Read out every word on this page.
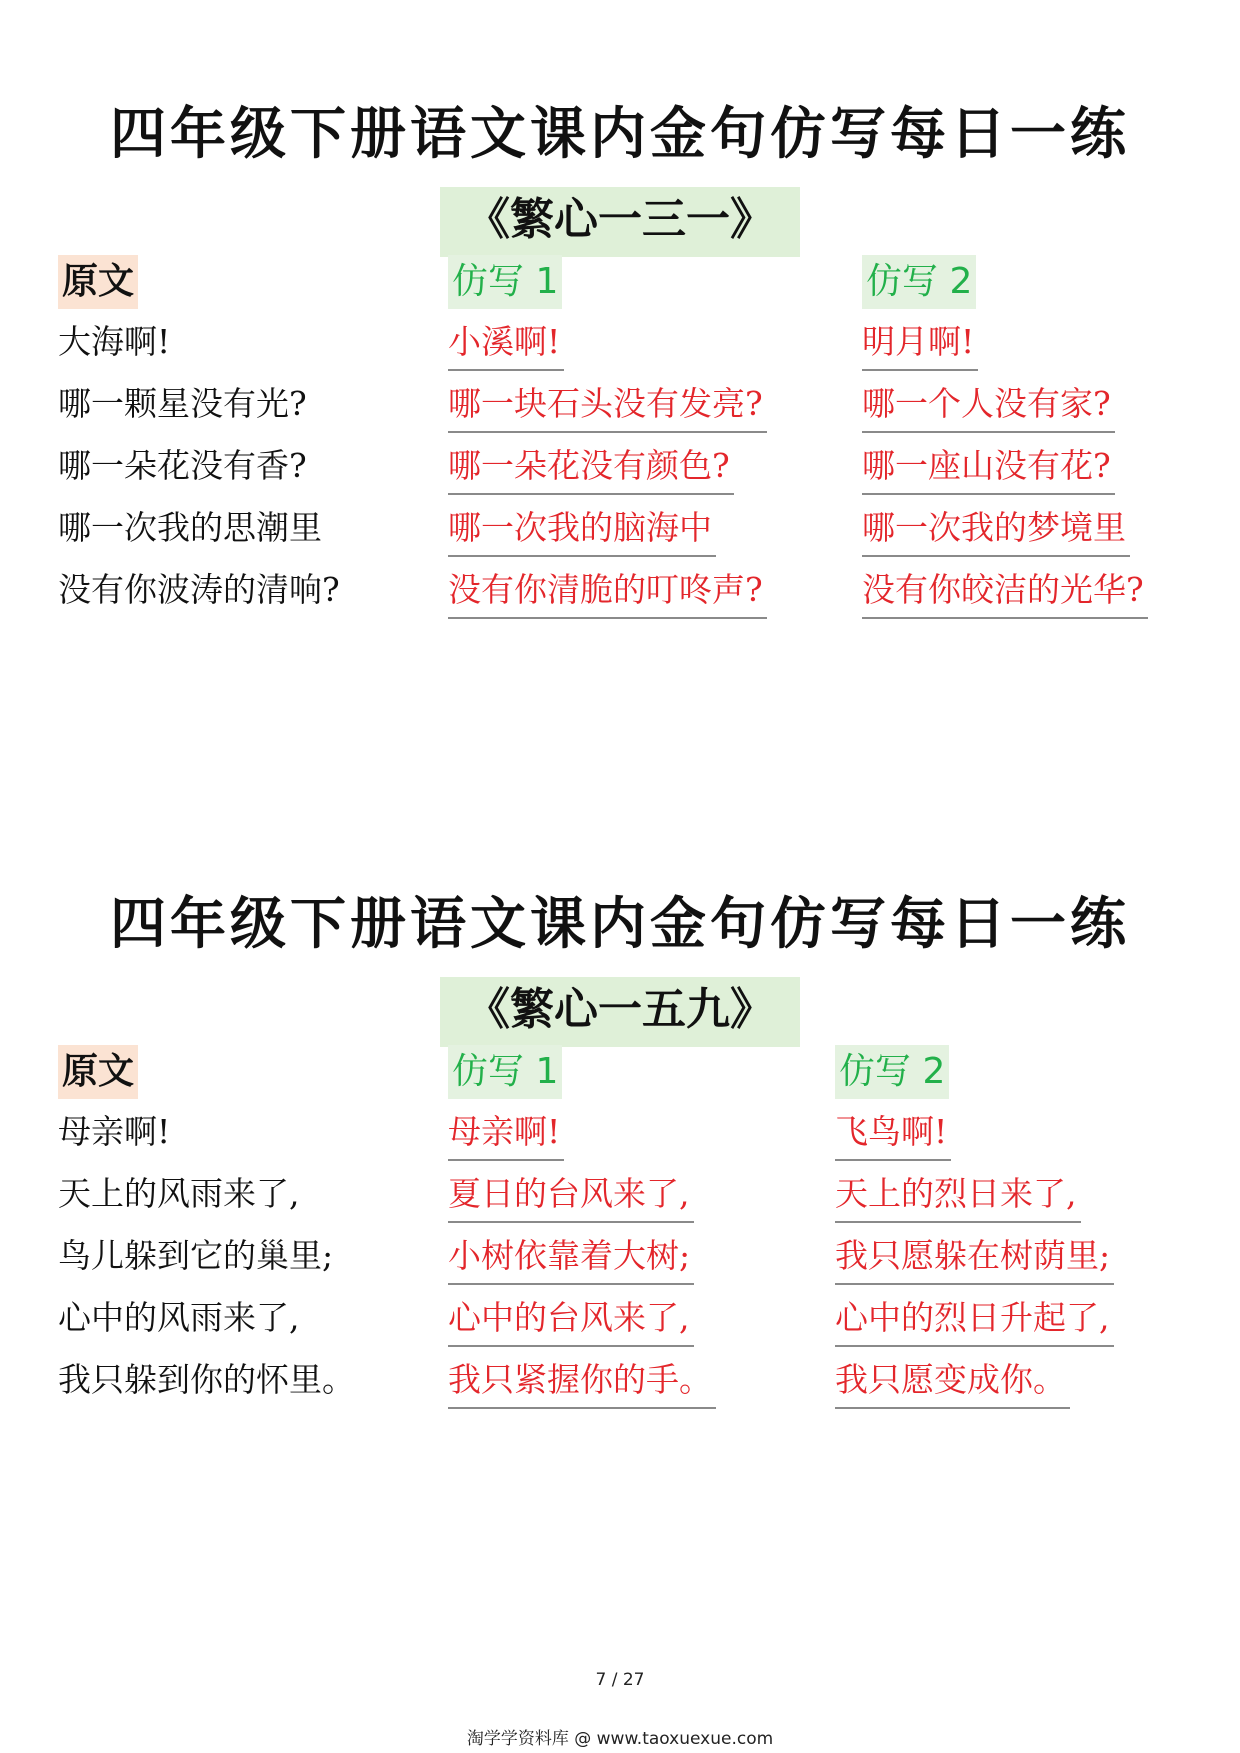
四年级下册语文课内金句仿写每日一练
《繁心一三一》
原文
大海啊!
哪一颗星没有光?
哪一朵花没有香?
哪一次我的思潮里
没有你波涛的清响?
仿写 1
小溪啊!
哪一块石头没有发亮?
哪一朵花没有颜色?
哪一次我的脑海中
没有你清脆的叮咚声?
仿写 2
明月啊!
哪一个人没有家?
哪一座山没有花?
哪一次我的梦境里
没有你皎洁的光华?
四年级下册语文课内金句仿写每日一练
《繁心一五九》
原文
母亲啊!
天上的风雨来了,
鸟儿躲到它的巢里;
心中的风雨来了,
我只躲到你的怀里。
仿写 1
母亲啊!
夏日的台风来了,
小树依靠着大树;
心中的台风来了,
我只紧握你的手。
仿写 2
飞鸟啊!
天上的烈日来了,
我只愿躲在树荫里;
心中的烈日升起了,
我只愿变成你。
7 / 27
淘学学资料库 @ www.taoxuexue.com
